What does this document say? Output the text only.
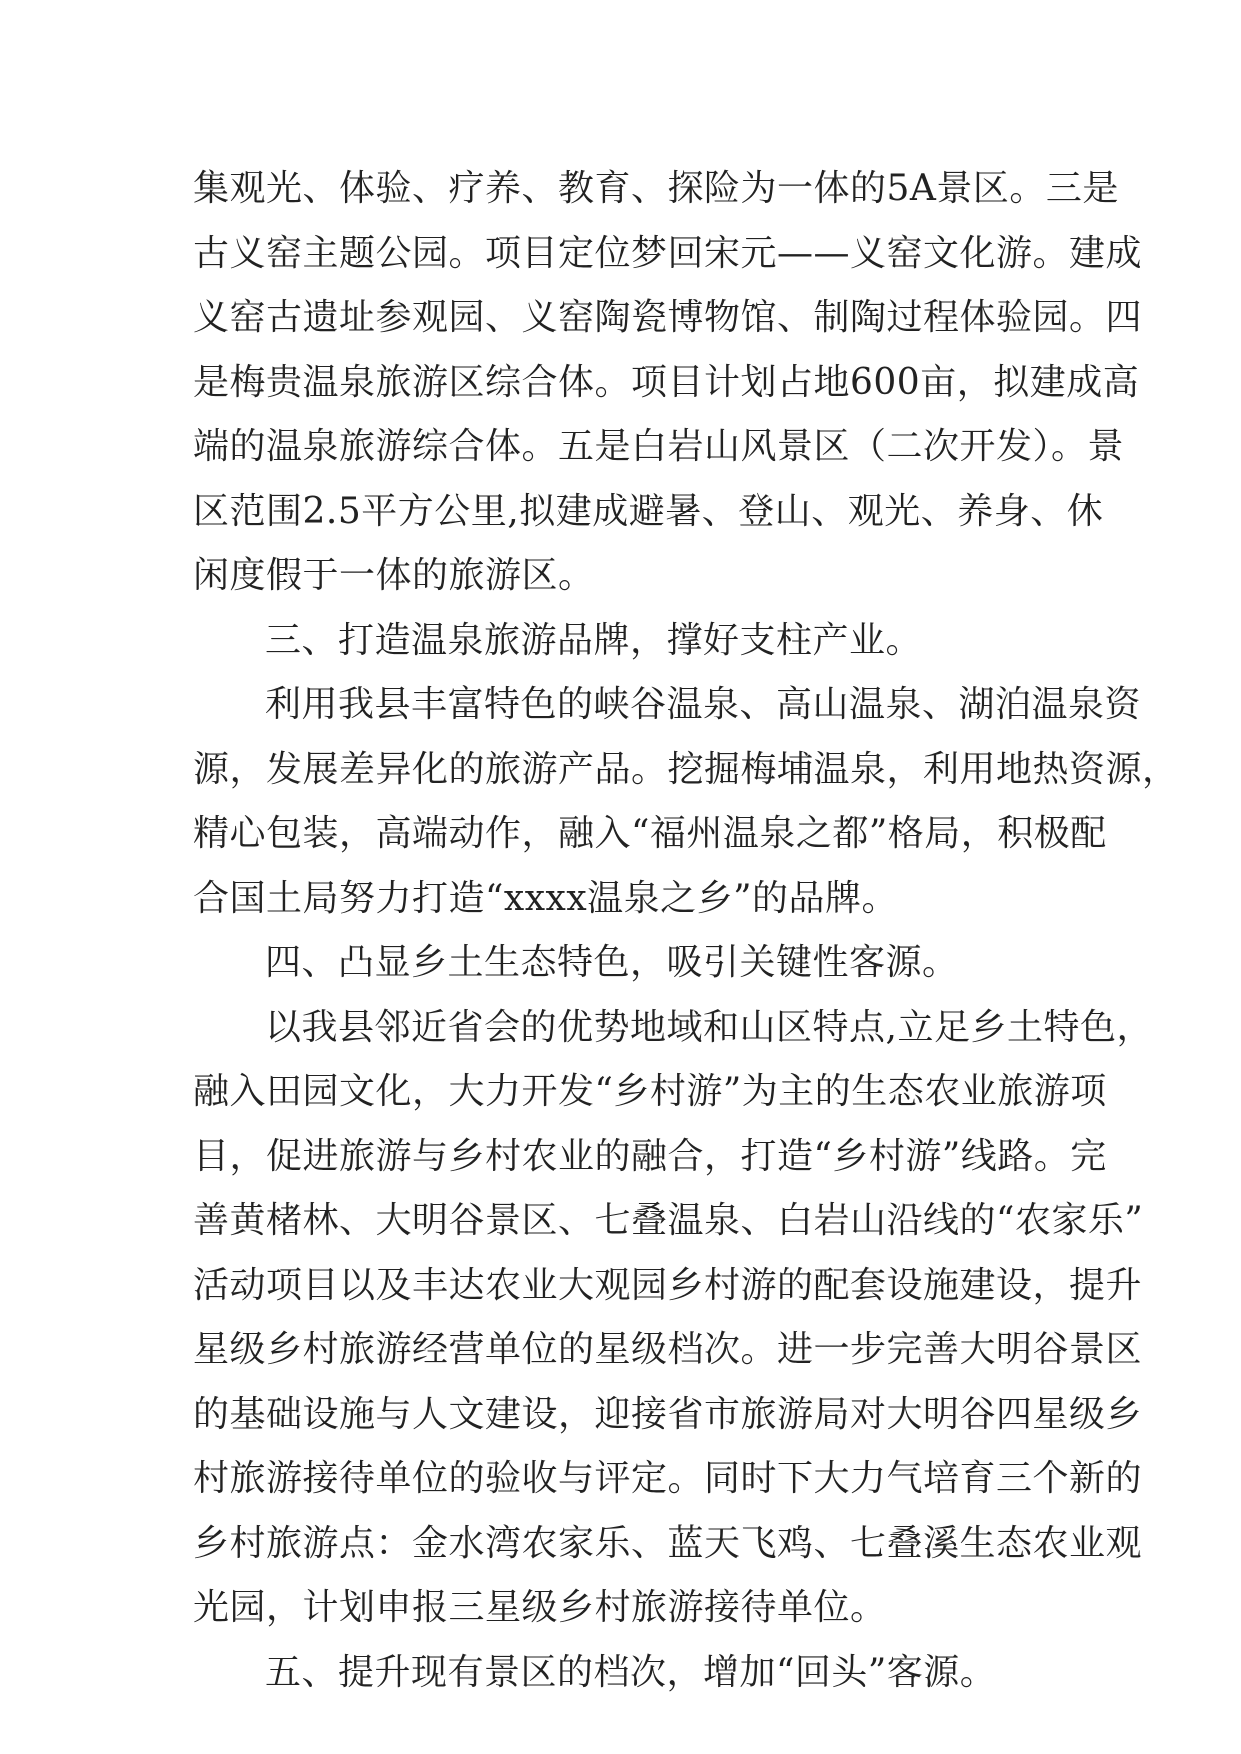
集观光、体验、疗养、教育、探险为一体的5A景区。三是
古义窑主题公园。项目定位梦回宋元——义窑文化游。建成
义窑古遗址参观园、义窑陶瓷博物馆、制陶过程体验园。四
是梅贵温泉旅游区综合体。项目计划占地600亩，拟建成高
端的温泉旅游综合体。五是白岩山风景区（二次开发）。景
区范围2.5平方公里,拟建成避暑、登山、观光、养身、休
闲度假于一体的旅游区。
三、打造温泉旅游品牌，撑好支柱产业。
利用我县丰富特色的峡谷温泉、高山温泉、湖泊温泉资
源，发展差异化的旅游产品。挖掘梅埔温泉，利用地热资源，
精心包装，高端动作，融入“福州温泉之都”格局，积极配
合国土局努力打造“xxxx温泉之乡”的品牌。
四、凸显乡土生态特色，吸引关键性客源。
以我县邻近省会的优势地域和山区特点,立足乡土特色，
融入田园文化，大力开发“乡村游”为主的生态农业旅游项
目，促进旅游与乡村农业的融合，打造“乡村游”线路。完
善黄楮林、大明谷景区、七叠温泉、白岩山沿线的“农家乐”
活动项目以及丰达农业大观园乡村游的配套设施建设，提升
星级乡村旅游经营单位的星级档次。进一步完善大明谷景区
的基础设施与人文建设，迎接省市旅游局对大明谷四星级乡
村旅游接待单位的验收与评定。同时下大力气培育三个新的
乡村旅游点：金水湾农家乐、蓝天飞鸡、七叠溪生态农业观
光园，计划申报三星级乡村旅游接待单位。
五、提升现有景区的档次，增加“回头”客源。
